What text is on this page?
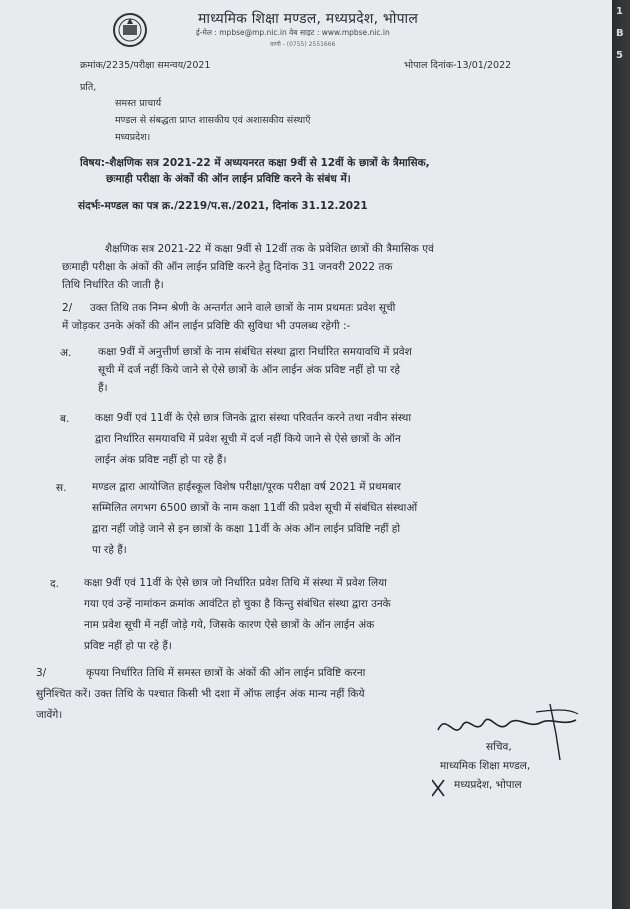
माध्यमिक शिक्षा मण्डल, मध्यप्रदेश, भोपाल
ई-मेल : mpbse@mp.nic.in वेब साइट : www.mpbse.nic.in
वाणी - (0755) 2551666
क्रमांक/2235/परीक्षा समन्वय/2021	भोपाल दिनांक-13/01/2022
प्रति,
समस्त प्राचार्य
मण्डल से संबद्धता प्राप्त शासकीय एवं अशासकीय संस्थाएँ
मध्यप्रदेश।
विषय:-शैक्षणिक सत्र 2021-22 में अध्ययनरत कक्षा 9वीं से 12वीं के छात्रों के त्रैमासिक,
छःमाही परीक्षा के अंकों की ऑन लाईन प्रविष्टि करने के संबंध में।
संदर्भः-मण्डल का पत्र क्र./2219/प.स./2021, दिनांक 31.12.2021
शैक्षणिक सत्र 2021-22 में कक्षा 9वीं से 12वीं तक के प्रवेशित छात्रों की त्रैमासिक एवं
छःमाही परीक्षा के अंकों की ऑन लाईन प्रविष्टि करने हेतु दिनांक 31 जनवरी 2022 तक
तिथि निर्धारित की जाती है।
2/ उक्त तिथि तक निम्न श्रेणी के अन्तर्गत आने वाले छात्रों के नाम प्रथमतः प्रवेश सूची
में जोड़कर उनके अंकों की ऑन लाईन प्रविष्टि की सुविधा भी उपलब्ध रहेगी :-
अ.	कक्षा 9वीं में अनुत्तीर्ण छात्रों के नाम संबंधित संस्था द्वारा निर्धारित समयावधि में प्रवेश
सूची में दर्ज नहीं किये जाने से ऐसे छात्रों के ऑन लाईन अंक प्रविष्ट नहीं हो पा रहे
हैं।
ब. कक्षा 9वीं एवं 11वीं के ऐसे छात्र जिनके द्वारा संस्था परिवर्तन करने तथा नवीन संस्था
द्वारा निर्धारित समयावधि में प्रवेश सूची में दर्ज नहीं किये जाने से ऐसे छात्रों के ऑन
लाईन अंक प्रविष्ट नहीं हो पा रहे हैं।
स. मण्डल द्वारा आयोजित हाईस्कूल विशेष परीक्षा/पूरक परीक्षा वर्ष 2021 में प्रथमबार
सम्मिलित लगभग 6500 छात्रों के नाम कक्षा 11वीं की प्रवेश सूची में संबंधित संस्थाओं
द्वारा नहीं जोड़े जाने से इन छात्रों के कक्षा 11वीं के अंक ऑन लाईन प्रविष्टि नहीं हो
पा रहे हैं।
द. कक्षा 9वीं एवं 11वीं के ऐसे छात्र जो निर्धारित प्रवेश तिथि में संस्था में प्रवेश लिया
गया एवं उन्हें नामांकन क्रमांक आवंटित हो चुका है किन्तु संबंधित संस्था द्वारा उनके
नाम प्रवेश सूची में नहीं जोड़े गये, जिसके कारण ऐसे छात्रों के ऑन लाईन अंक
प्रविष्ट नहीं हो पा रहे हैं।
3/	कृपया निर्धारित तिथि में समस्त छात्रों के अंकों की ऑन लाईन प्रविष्टि करना
सुनिश्चित करें। उक्त तिथि के पश्चात किसी भी दशा में ऑफ लाईन अंक मान्य नहीं किये
जावेंगे।
सचिव,
माध्यमिक शिक्षा मण्डल,
मध्यप्रदेश, भोपाल
1
B
5
